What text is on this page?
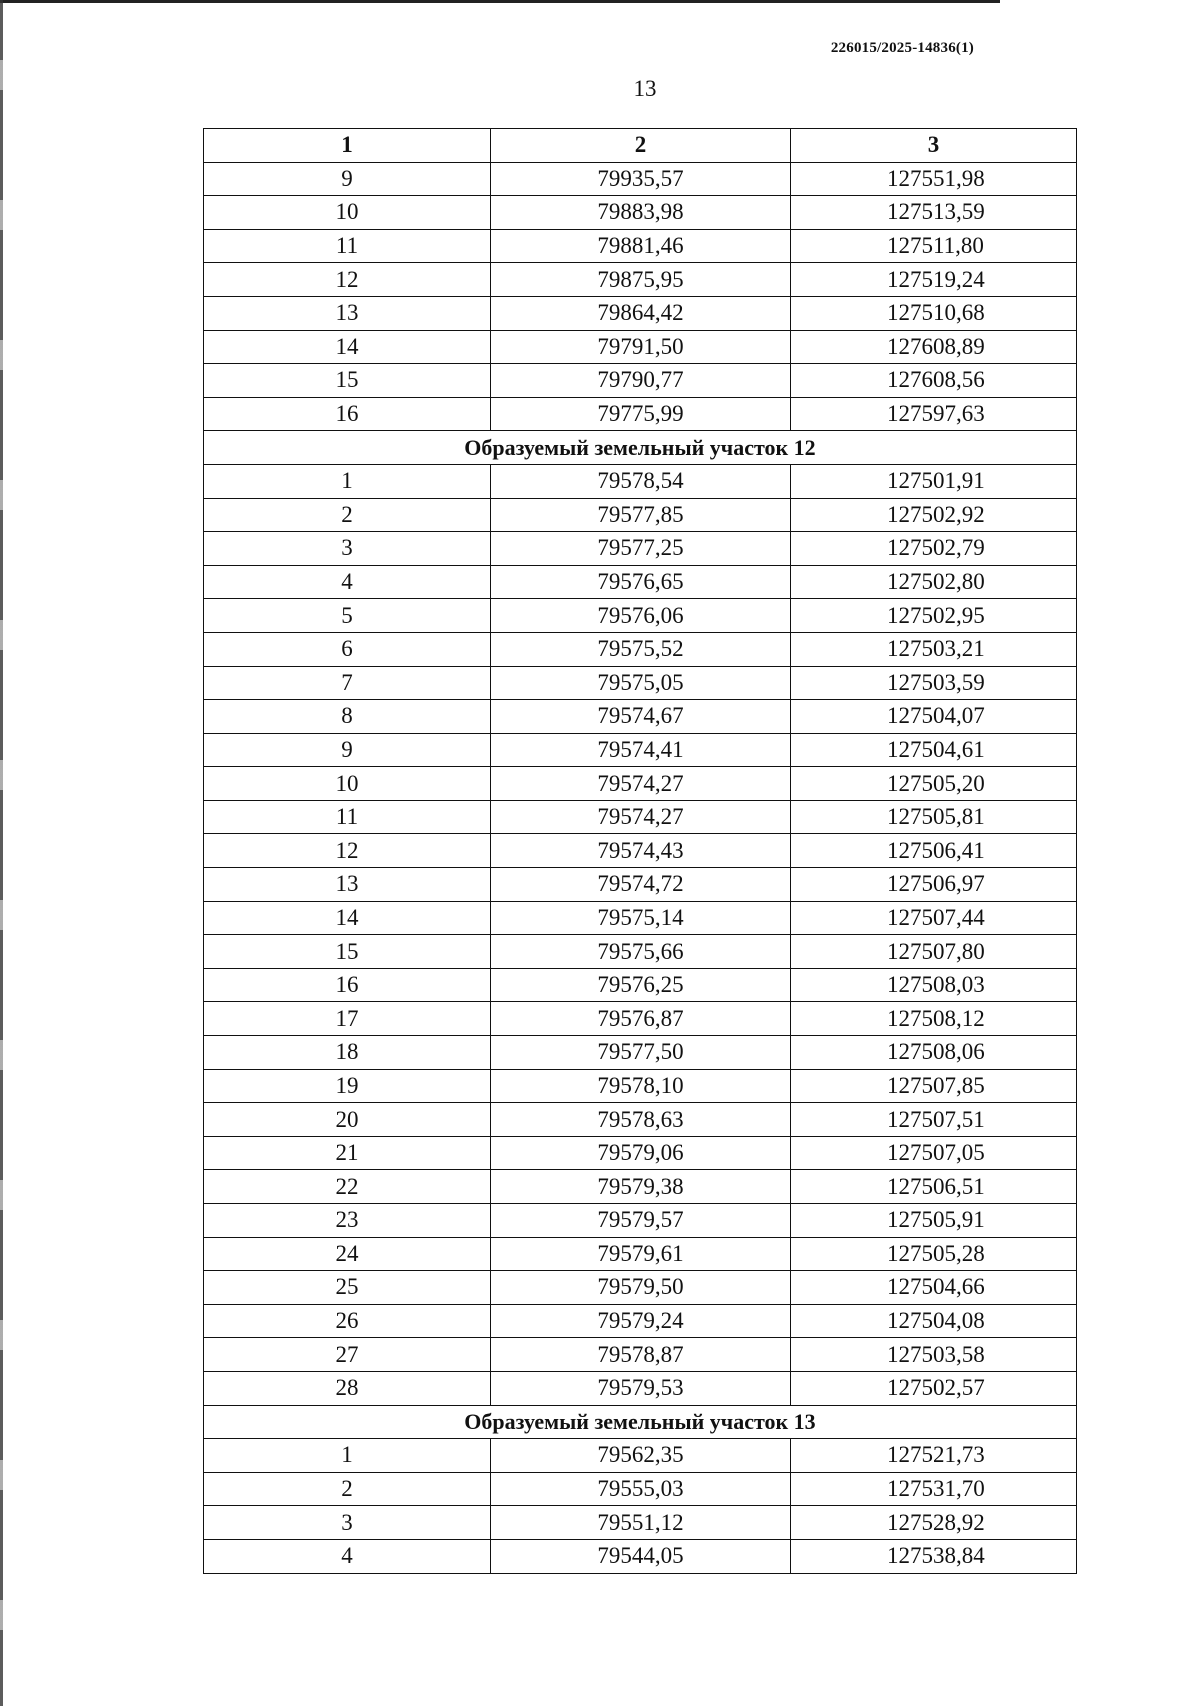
226015/2025-14836(1)
13
1	2	3
9	79935,57	127551,98
10	79883,98	127513,59
11	79881,46	127511,80
12	79875,95	127519,24
13	79864,42	127510,68
14	79791,50	127608,89
15	79790,77	127608,56
16	79775,99	127597,63
Образуемый земельный участок 12		
1	79578,54	127501,91
2	79577,85	127502,92
3	79577,25	127502,79
4	79576,65	127502,80
5	79576,06	127502,95
6	79575,52	127503,21
7	79575,05	127503,59
8	79574,67	127504,07
9	79574,41	127504,61
10	79574,27	127505,20
11	79574,27	127505,81
12	79574,43	127506,41
13	79574,72	127506,97
14	79575,14	127507,44
15	79575,66	127507,80
16	79576,25	127508,03
17	79576,87	127508,12
18	79577,50	127508,06
19	79578,10	127507,85
20	79578,63	127507,51
21	79579,06	127507,05
22	79579,38	127506,51
23	79579,57	127505,91
24	79579,61	127505,28
25	79579,50	127504,66
26	79579,24	127504,08
27	79578,87	127503,58
28	79579,53	127502,57
Образуемый земельный участок 13		
1	79562,35	127521,73
2	79555,03	127531,70
3	79551,12	127528,92
4	79544,05	127538,84
